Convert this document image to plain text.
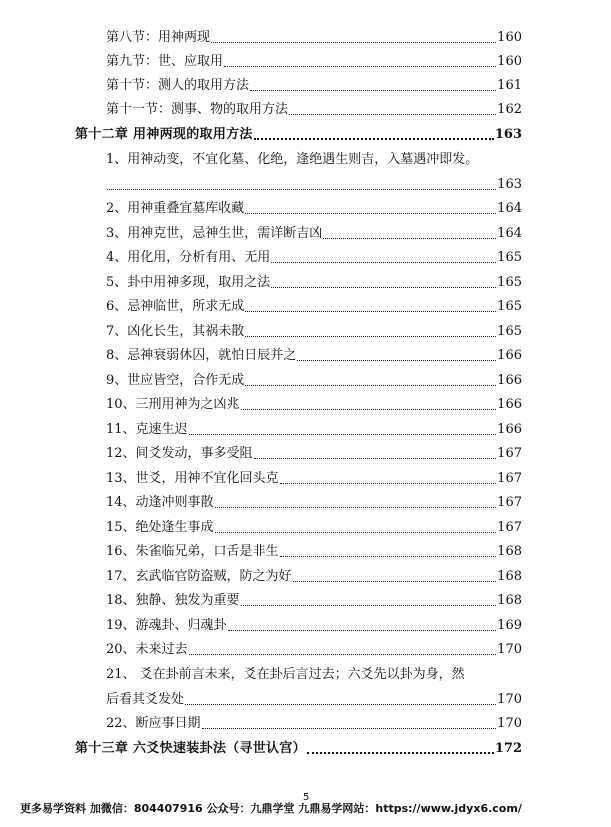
第八节：用神两现	160
第九节：世、应取用	160
第十节：测人的取用方法	161
第十一节：测事、物的取用方法	162
第十二章 用神两现的取用方法	163
1、用神动变，不宜化墓、化绝，逢绝遇生则吉，入墓遇冲即发。
163
2、用神重叠宜墓库收藏	164
3、用神克世，忌神生世，需详断吉凶	164
4、用化用，分析有用、无用	165
5、卦中用神多现，取用之法	165
6、忌神临世，所求无成	165
7、凶化长生，其祸未散	165
8、忌神衰弱休囚，就怕日辰并之	166
9、世应皆空，合作无成	166
10、三刑用神为之凶兆	166
11、克速生迟	166
12、间爻发动，事多受阻	167
13、世爻，用神不宜化回头克	167
14、动逢冲则事散	167
15、绝处逢生事成	167
16、朱雀临兄弟，口舌是非生	168
17、玄武临官防盗贼，防之为好	168
18、独静、独发为重要	168
19、游魂卦、归魂卦	169
20、未来过去	170
21、 爻在卦前言未来，爻在卦后言过去；六爻先以卦为身，然
后看其爻发处	170
22、断应事日期	170
第十三章 六爻快速装卦法（寻世认宫）	172
5
更多易学资料 加微信：804407916 公众号：九鼎学堂 九鼎易学网站：https://www.jdyx6.com/
